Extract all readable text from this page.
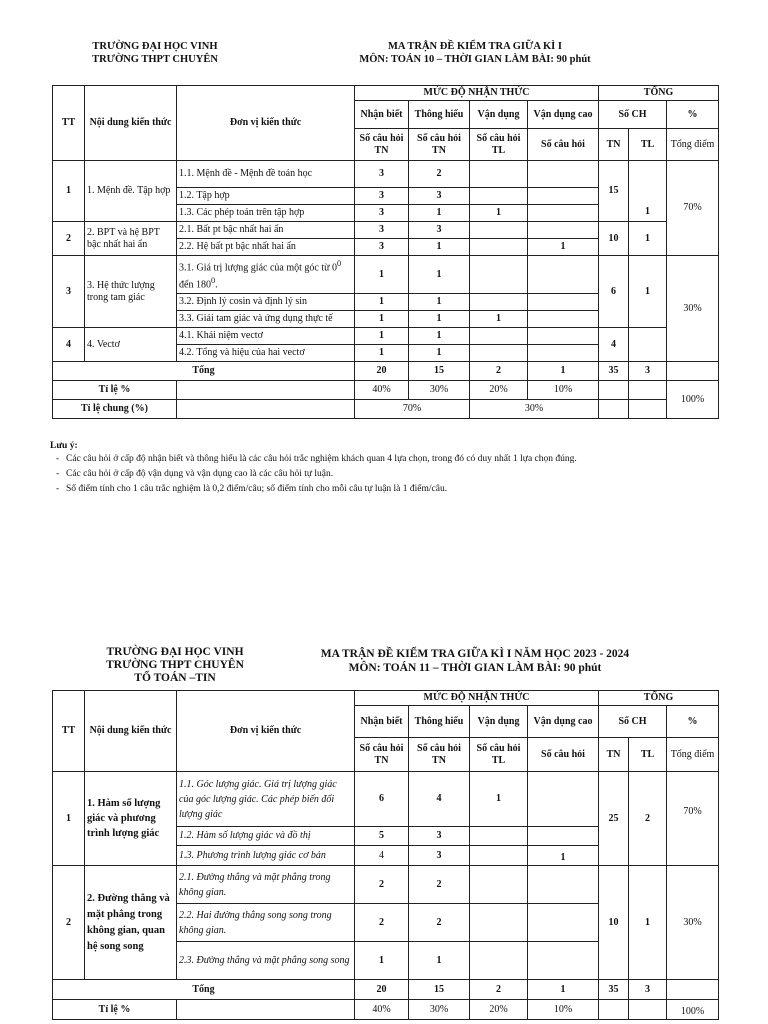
TRƯỜNG ĐẠI HỌC VINH
TRƯỜNG THPT CHUYÊN
MA TRẬN ĐỀ KIỂM TRA GIỮA KÌ I
MÔN: TOÁN 10 – THỜI GIAN LÀM BÀI: 90 phút
TT	Nội dung kiến thức	Đơn vị kiến thức	MỨC ĐỘ NHẬN THỨC				TỔNG		
			Nhận biết	Thông hiểu	Vận dụng	Vận dụng cao	Số CH		%
			Số câu hỏi TN	Số câu hỏi TN	Số câu hỏi TL	Số câu hỏi	TN	TL	Tổng điểm
1	1. Mệnh đề. Tập hợp	1.1. Mệnh đề - Mệnh đề toán học	3	2			15	1	70%
		1.2. Tập hợp	3	3					
		1.3. Các phép toán trên tập hợp	3	1	1				
2	2. BPT và hệ BPT bậc nhất hai ẩn	2.1. Bất pt bậc nhất hai ẩn	3	3			10	1	
		2.2. Hệ bất pt bậc nhất hai ẩn	3	1		1			
3	3. Hệ thức lượng trong tam giác	3.1. Giá trị lượng giác của một góc từ $0^0$ đến $180^0$.	1	1			6	1	30%
		3.2. Định lý cosin và định lý sin	1	1					
		3.3. Giải tam giác và ứng dụng thực tế	1	1	1				
4	4. Vectơ	4.1. Khái niệm vectơ	1	1			4		
		4.2. Tổng và hiệu của hai vectơ	1	1					
Tổng			20	15	2	1	35	3	
Tỉ lệ %			40%	30%	20%	10%			100%
Tỉ lệ chung (%)			70%		30%				
Lưu ý:
- Các câu hỏi ở cấp độ nhận biết và thông hiểu là các câu hỏi trắc nghiệm khách quan 4 lựa chọn, trong đó có duy nhất 1 lựa chọn đúng.
- Các câu hỏi ở cấp độ vận dụng và vận dụng cao là các câu hỏi tự luận.
- Số điểm tính cho 1 câu trắc nghiệm là 0,2 điểm/câu; số điểm tính cho mỗi câu tự luận là 1 điểm/câu.
TRƯỜNG ĐẠI HỌC VINH
TRƯỜNG THPT CHUYÊN
TỔ TOÁN –TIN
MA TRẬN ĐỀ KIỂM TRA GIỮA KÌ I NĂM HỌC 2023 - 2024
MÔN: TOÁN 11 – THỜI GIAN LÀM BÀI: 90 phút
TT	Nội dung kiến thức	Đơn vị kiến thức	MỨC ĐỘ NHẬN THỨC				TỔNG		
			Nhận biết	Thông hiểu	Vận dụng	Vận dụng cao	Số CH		%
			Số câu hỏi TN	Số câu hỏi TN	Số câu hỏi TL	Số câu hỏi	TN	TL	Tổng điểm
1	1. Hàm số lượng giác và phương trình lượng giác	1.1. Góc lượng giác. Giá trị lượng giác của góc lượng giác. Các phép biến đổi lượng giác	6	4	1		25	2	70%
		1.2. Hàm số lượng giác và đồ thị	5	3					
		1.3. Phương trình lượng giác cơ bản	4	3		1			
2	2. Đường thẳng và mặt phẳng trong không gian, quan hệ song song	2.1. Đường thẳng và mặt phẳng trong không gian.	2	2			10	1	30%
		2.2. Hai đường thẳng song song trong không gian.	2	2					
		2.3. Đường thẳng và mặt phẳng song song	1	1					
Tổng			20	15	2	1	35	3	
Tỉ lệ %			40%	30%	20%	10%			100%
